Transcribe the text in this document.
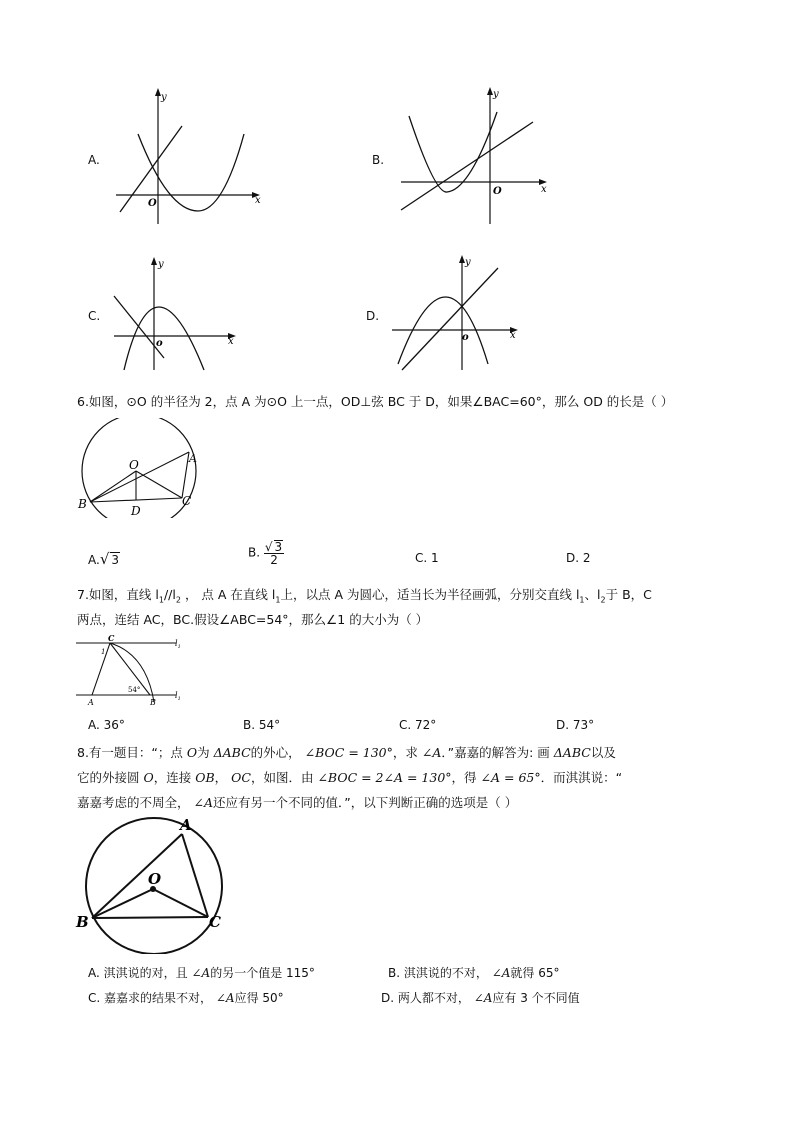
A.
y
O	x
B.
y
O	x
C.
y
o	x
D.
y
o	x
6.如图，⊙O 的半径为 2，点 A 为⊙O 上一点，OD⊥弦 BC 于 D，如果∠BAC=60°，那么 OD 的长是（ ）
O	A
B	C
D
A.√ 3
B. $\frac{√ 3}{2}$	C. 1	D. 2
7.如图，直线 $l_1//l_2$ ， 点 A 在直线 $l_1$上，以点 A 为圆心，适当长为半径画弧，分别交直线 $l_1$、$l_2$于 B，C
两点，连结 AC，BC.假设∠ABC=54°，那么∠1 的大小为（ ）
C
1
A
54°
B
$l_1$
$l_1$
A. 36°	B. 54°	C. 72°	D. 73°
8.有一题目：“；点 O为 ΔABC的外心， ∠BOC = 130°，求 ∠A．”嘉嘉的解答为: 画 ΔABC以及
它的外接圆 O，连接 OB， OC，如图．由 ∠BOC = 2∠A = 130°，得 ∠A = 65°．而淇淇说：“
嘉嘉考虑的不周全， ∠A还应有另一个不同的值．”，以下判断正确的选项是（ ）
A
O
B	C
A. 淇淇说的对，且 ∠A的另一个值是 115°	B. 淇淇说的不对， ∠A就得 65°
C. 嘉嘉求的结果不对， ∠A应得 50°	D. 两人都不对， ∠A应有 3 个不同值
